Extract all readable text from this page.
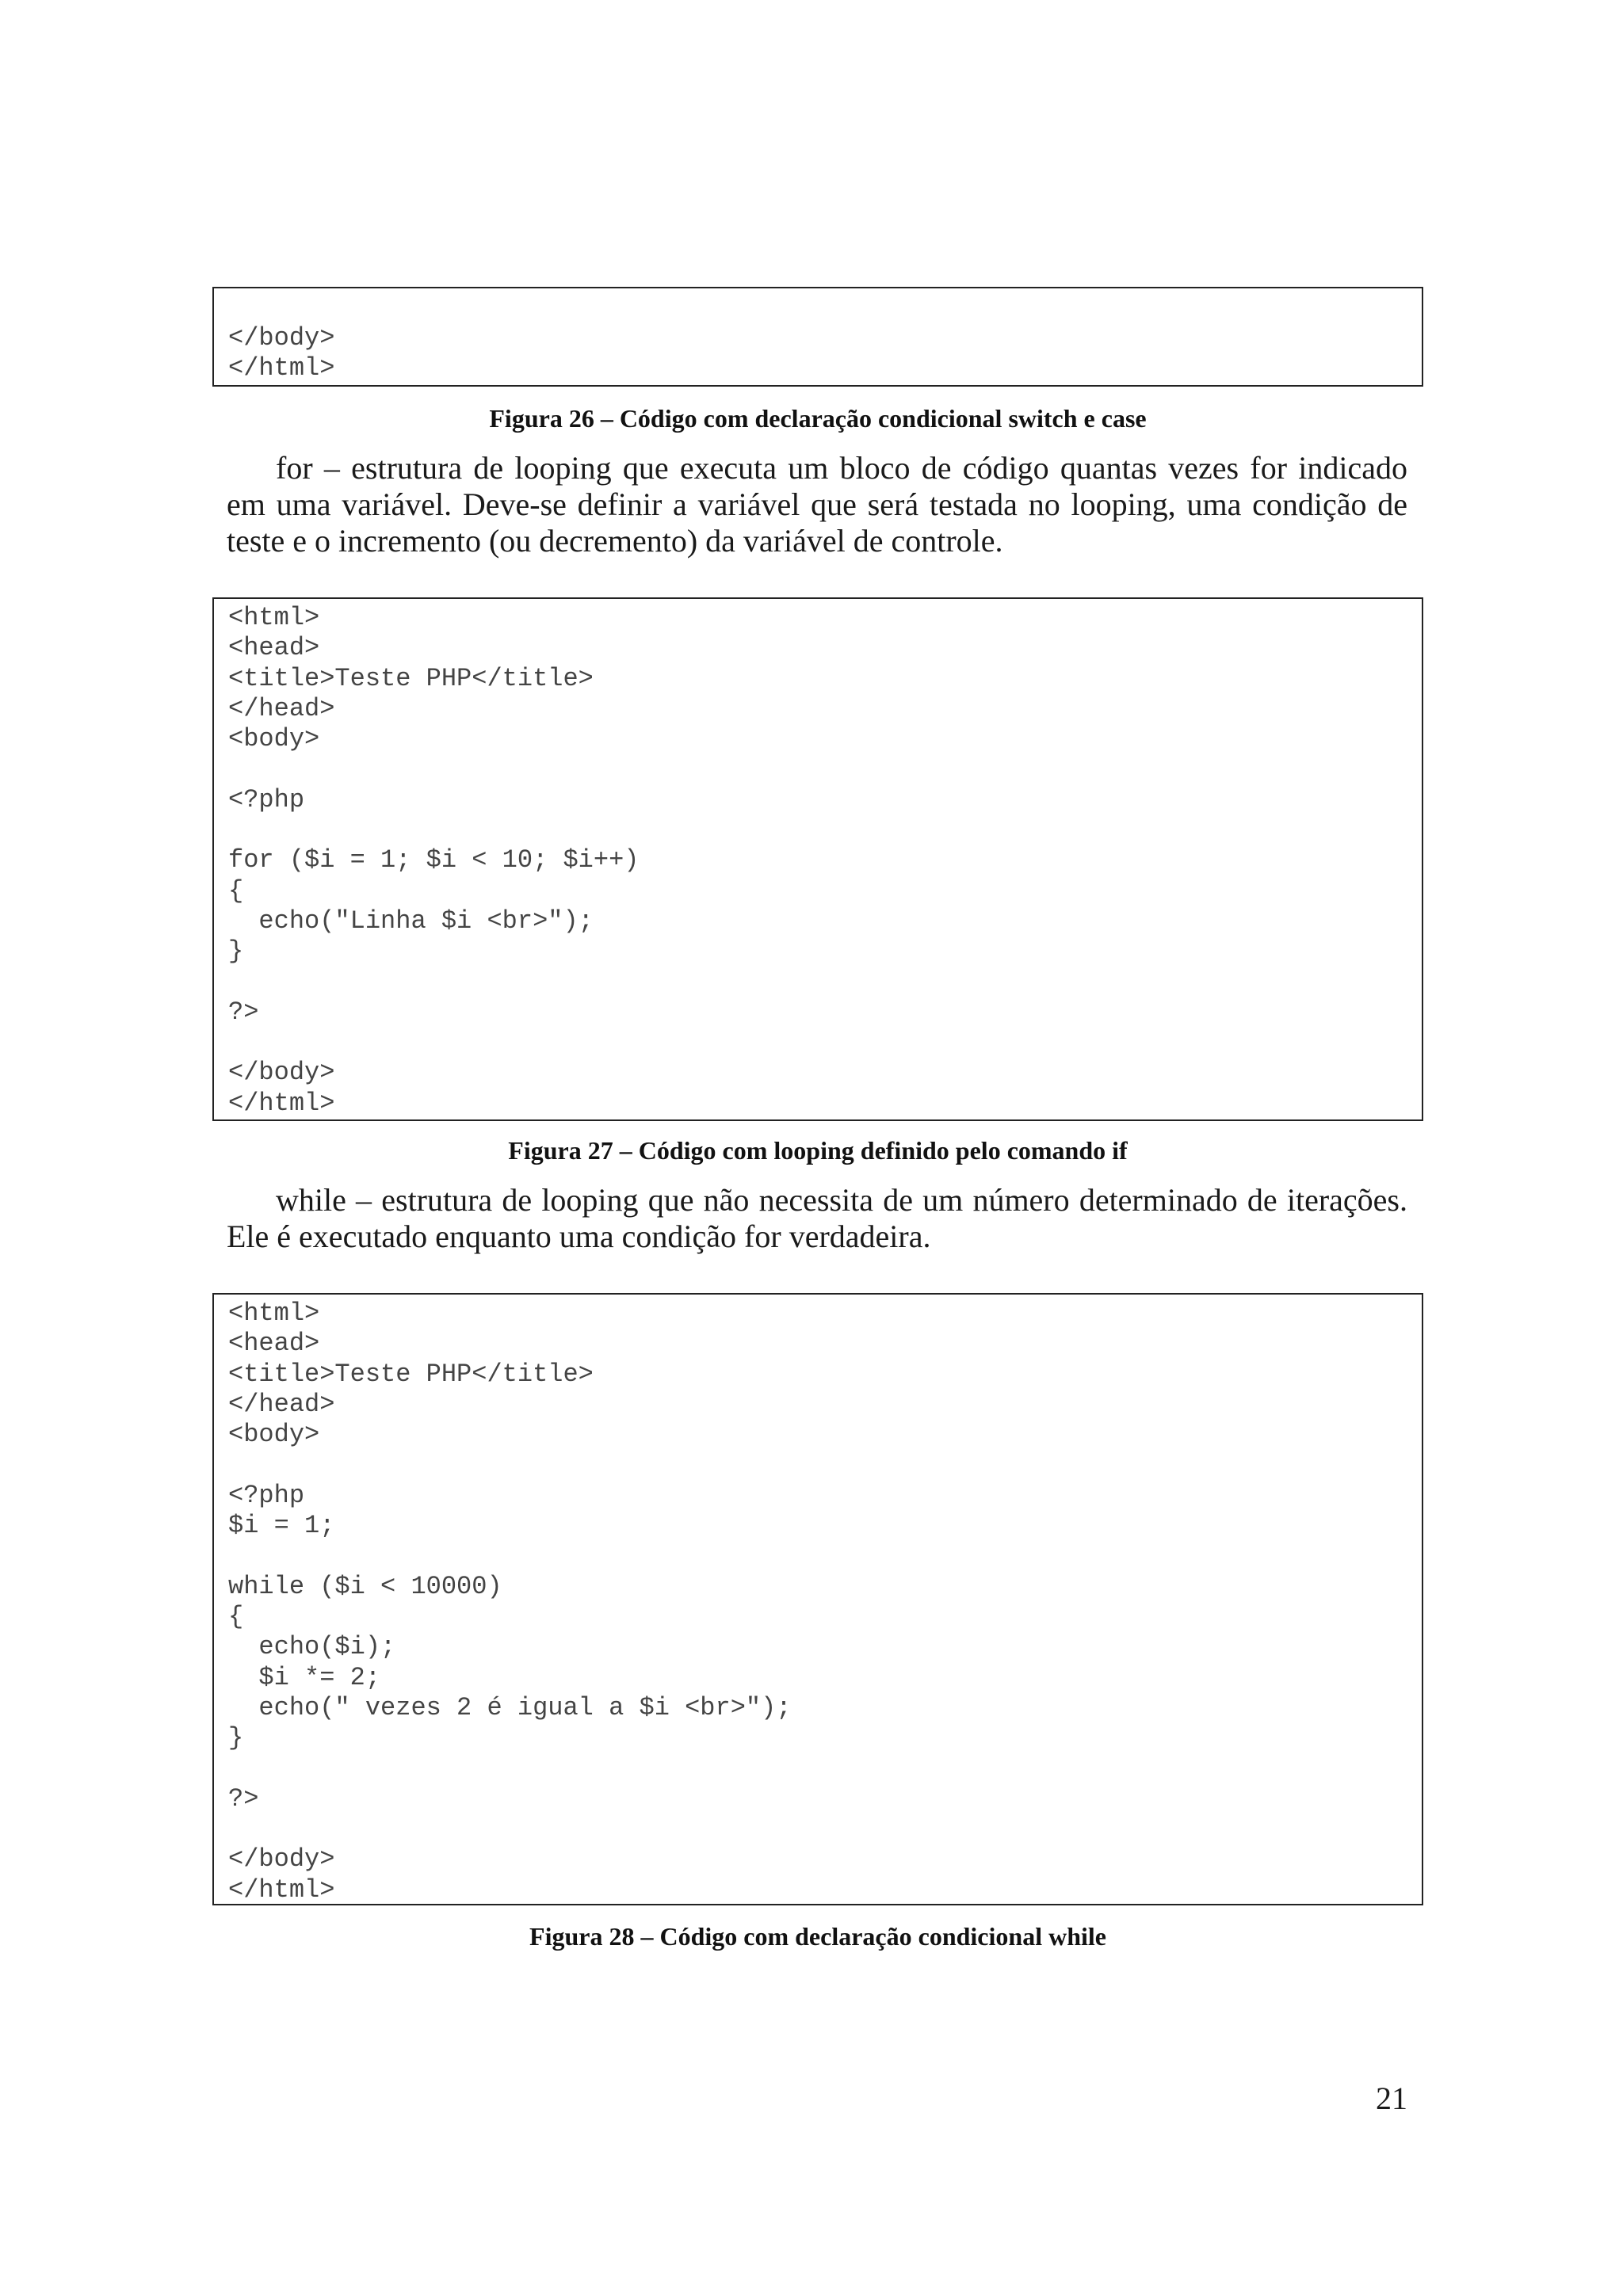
</body>
</html>
Figura 26 – Código com declaração condicional switch e case
for – estrutura de looping que executa um bloco de código quantas vezes for indicado
em uma variável. Deve-se definir a variável que será testada no looping, uma condição de
teste e o incremento (ou decremento) da variável de controle.
<html>
<head>
<title>Teste PHP</title>
</head>
<body>
<?php
for ($i = 1; $i < 10; $i++)
{
echo("Linha $i <br>");
}
?>
</body>
</html>
Figura 27 – Código com looping definido pelo comando if
while – estrutura de looping que não necessita de um número determinado de iterações.
Ele é executado enquanto uma condição for verdadeira.
<html>
<head>
<title>Teste PHP</title>
</head>
<body>
<?php
$i = 1;
while ($i < 10000)
{
echo($i);
$i *= 2;
echo(" vezes 2 é igual a $i <br>");
}
?>
</body>
</html>
Figura 28 – Código com declaração condicional while
21
